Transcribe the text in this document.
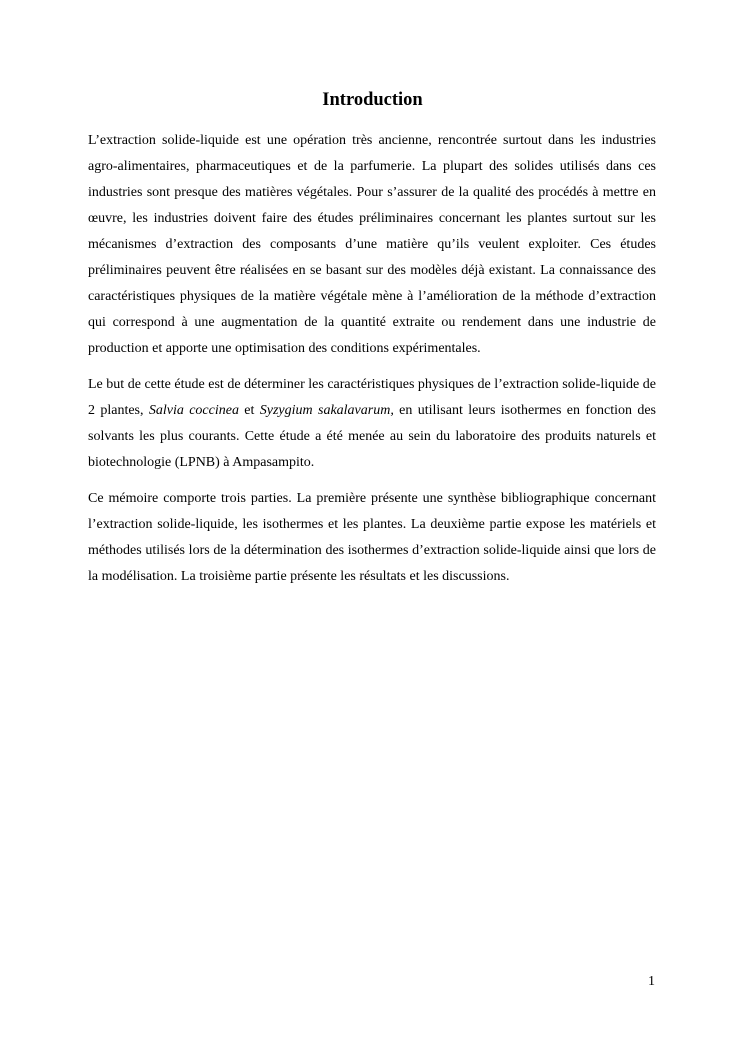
Introduction

L’extraction solide-liquide est une opération très ancienne, rencontrée surtout dans les industries agro-alimentaires, pharmaceutiques et de la parfumerie. La plupart des solides utilisés dans ces industries sont presque des matières végétales. Pour s’assurer de la qualité des procédés à mettre en œuvre, les industries doivent faire des études préliminaires concernant les plantes surtout sur les mécanismes d’extraction des composants d’une matière qu’ils veulent exploiter. Ces études préliminaires peuvent être réalisées en se basant sur des modèles déjà existant. La connaissance des caractéristiques physiques de la matière végétale mène à l’amélioration de la méthode d’extraction qui correspond à une augmentation de la quantité extraite ou rendement dans une industrie de production et apporte une optimisation des conditions expérimentales.

Le but de cette étude est de déterminer les caractéristiques physiques de l’extraction solide-liquide de 2 plantes, Salvia coccinea et Syzygium sakalavarum, en utilisant leurs isothermes en fonction des solvants les plus courants. Cette étude a été menée au sein du laboratoire des produits naturels et biotechnologie (LPNB) à Ampasampito.

Ce mémoire comporte trois parties. La première présente une synthèse bibliographique concernant l’extraction solide-liquide, les isothermes et les plantes. La deuxième partie expose les matériels et méthodes utilisés lors de la détermination des isothermes d’extraction solide-liquide ainsi que lors de la modélisation. La troisième partie présente les résultats et les discussions.

1
